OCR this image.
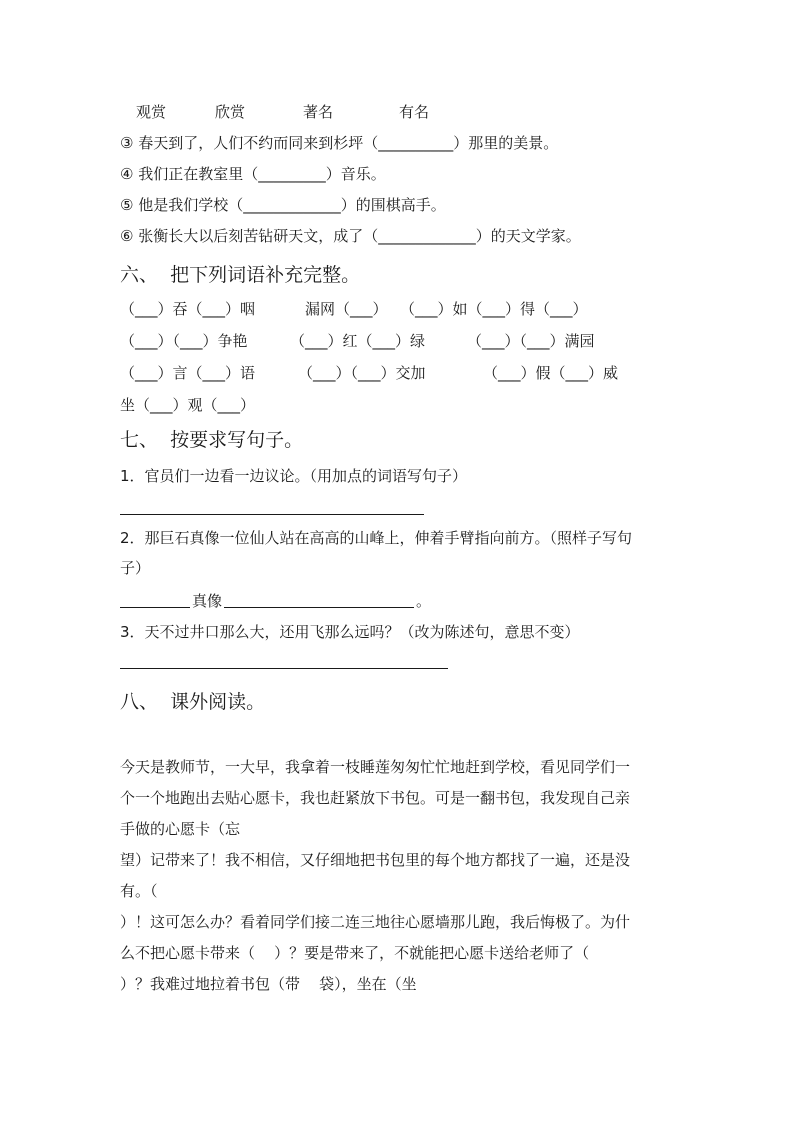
观赏	欣赏	著名	有名
③ 春天到了，人们不约而同来到杉坪（__________）那里的美景。
④ 我们正在教室里（_________）音乐。
⑤ 他是我们学校（_____________）的围棋高手。
⑥ 张衡长大以后刻苦钻研天文，成了（_____________）的天文学家。
六、  把下列词语补充完整。
（___）吞（___）咽	漏网（___） （___）如（___）得（___）
（___）（___）争艳	（___）红（___）绿	（___）（___）满园
（___）言（___）语	（___）（___）交加	（___）假（___）威
坐（___）观（___）
七、  按要求写句子。
1．官员们一边看一边议论。（用加点的词语写句子）
2．那巨石真像一位仙人站在高高的山峰上，伸着手臂指向前方。（照样子写句
子）
真像	。
3．天不过井口那么大，还用飞那么远吗？（改为陈述句，意思不变）
八、  课外阅读。
今天是教师节，一大早，我拿着一枝睡莲匆匆忙忙地赶到学校，看见同学们一
个一个地跑出去贴心愿卡，我也赶紧放下书包。可是一翻书包，我发现自己亲
手做的心愿卡（忘
望）记带来了！我不相信，又仔细地把书包里的每个地方都找了一遍，还是没
有。（
）！这可怎么办？看着同学们接二连三地往心愿墙那儿跑，我后悔极了。为什
么不把心愿卡带来（    ）？要是带来了，不就能把心愿卡送给老师了（
）？我难过地拉着书包（带    袋），坐在（坐
